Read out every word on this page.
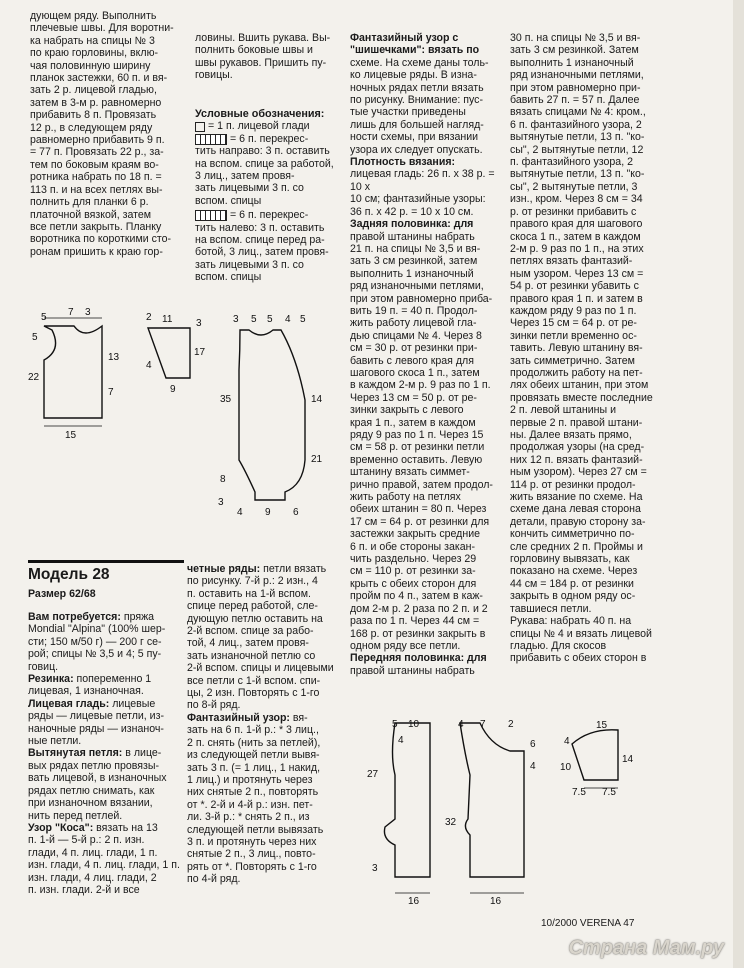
дующем ряду. Выполнить

плечевые швы. Для воротни-

ка набрать на спицы № 3

по краю горловины, вклю-

чая половинную ширину

планок застежки, 60 п. и вя-

зать 2 р. лицевой гладью,

затем в 3-м р. равномерно

прибавить 8 п. Провязать

12 р., в следующем ряду

равномерно прибавить 9 п.

= 77 п. Провязать 22 р., за-

тем по боковым краям во-

ротника набрать по 18 п. =

113 п. и на всех петлях вы-

полнить для планки 6 р.

платочной вязкой, затем

все петли закрыть. Планку

воротника по короткими сто-

ронам пришить к краю гор-

ловины. Вшить рукава. Вы-

полнить боковые швы и

швы рукавов. Пришить пу-

говицы.

Условные обозначения:

= 1 п. лицевой глади
= 6 п. перекрес-
тить направо: 3 п. оставить
на вспом. спице за работой,
3 лиц., затем провя-
зать лицевыми 3 п. со
вспом. спицы
= 6 п. перекрес-
тить налево: 3 п. оставить
на вспом. спице перед ра-
ботой, 3 лиц., затем провя-
зать лицевыми 3 п. со
вспом. спицы

Фантазийный узор с

"шишечками": вязать по

схеме. На схеме даны толь-

ко лицевые ряды. В изна-

ночных рядах петли вязать

по рисунку. Внимание: пус-

тые участки приведены

лишь для большей нагляд-

ности схемы, при вязании

узора их следует опускать.

Плотность вязания:

лицевая гладь: 26 п. х 38 р. = 10 х

10 см; фантазийные узоры:

36 п. х 42 р. = 10 х 10 см.

Задняя половинка: для

правой штанины набрать

21 п. на спицы № 3,5 и вя-

зать 3 см резинкой, затем

выполнить 1 изнаночный

ряд изнаночными петлями,

при этом равномерно приба-

вить 19 п. = 40 п. Продол-

жить работу лицевой гла-

дью спицами № 4. Через 8

см = 30 р. от резинки при-

бавить с левого края для

шагового скоса 1 п., затем

в каждом 2-м р. 9 раз по 1 п.

Через 13 см = 50 р. от ре-

зинки закрыть с левого

края 1 п., затем в каждом

ряду 9 раз по 1 п. Через 15

см = 58 р. от резинки петли

временно оставить. Левую

штанину вязать симмет-

рично правой, затем продол-

жить работу на петлях

обеих штанин = 80 п. Через

17 см = 64 р. от резинки для

застежки закрыть средние

6 п. и обе стороны закан-

чить раздельно. Через 29

см = 110 р. от резинки за-

крыть с обеих сторон для

пройм по 4 п., затем в каж-

дом 2-м р. 2 раза по 2 п. и 2

раза по 1 п. Через 44 см =

168 р. от резинки закрыть в

одном ряду все петли.

Передняя половинка: для

правой штанины набрать

30 п. на спицы № 3,5 и вя-

зать 3 см резинкой. Затем

выполнить 1 изнаночный

ряд изнаночными петлями,

при этом равномерно при-

бавить 27 п. = 57 п. Далее

вязать спицами № 4: кром.,

6 п. фантазийного узора, 2

вытянутые петли, 13 п. "ко-

сы", 2 вытянутые петли, 12

п. фантазийного узора, 2

вытянутые петли, 13 п. "ко-

сы", 2 вытянутые петли, 3

изн., кром. Через 8 см = 34

р. от резинки прибавить с

правого края для шагового

скоса 1 п., затем в каждом

2-м р. 9 раз по 1 п., на этих

петлях вязать фантазий-

ным узором. Через 13 см =

54 р. от резинки убавить с

правого края 1 п. и затем в

каждом ряду 9 раз по 1 п.

Через 15 см = 64 р. от ре-

зинки петли временно ос-

тавить. Левую штанину вя-

зать симметрично. Затем

продолжить работу на пет-

лях обеих штанин, при этом

провязать вместе последние

2 п. левой штанины и

первые 2 п. правой штани-

ны. Далее вязать прямо,

продолжая узоры (на сред-

них 12 п. вязать фантазий-

ным узором). Через 27 см =

114 р. от резинки продол-

жить вязание по схеме. На

схеме дана левая сторона

детали, правую сторону за-

кончить симметрично по-

сле средних 2 п. Проймы и

горловину вывязать, как

показано на схеме. Через

44 см = 184 р. от резинки

закрыть в одном ряду ос-

тавшиеся петли.

Рукава: набрать 40 п. на

спицы № 4 и вязать лицевой

гладью. Для скосов

прибавить с обеих сторон в

Модель 28

Размер 62/68

Вам потребуется: пряжа

Mondial "Alpina" (100% шер-

сти; 150 м/50 г) — 200 г се-

рой; спицы № 3,5 и 4; 5 пу-

говиц.

Резинка: попеременно 1

лицевая, 1 изнаночная.

Лицевая гладь: лицевые

ряды — лицевые петли, из-

наночные ряды — изнаноч-

ные петли.

Вытянутая петля: в лице-

вых рядах петлю провязы-

вать лицевой, в изнаночных

рядах петлю снимать, как

при изнаночном вязании,

нить перед петлей.

Узор "Коса": вязать на 13

п. 1-й — 5-й р.: 2 п. изн.

глади, 4 п. лиц. глади, 1 п.

изн. глади, 4 п. лиц. глади, 1 п.

изн. глади, 4 лиц. глади, 2

п. изн. глади. 2-й и все

четные ряды: петли вязать

по рисунку. 7-й р.: 2 изн., 4

п. оставить на 1-й вспом.

спице перед работой, сле-

дующую петлю оставить на

2-й вспом. спице за рабо-

той, 4 лиц., затем провя-

зать изнаночной петлю со

2-й вспом. спицы и лицевыми

все петли с 1-й вспом. спи-

цы, 2 изн. Повторять с 1-го

по 8-й ряд.

Фантазийный узор: вя-

зать на 6 п. 1-й р.: * 3 лиц.,

2 п. снять (нить за петлей),

из следующей петли вывя-

зать 3 п. (= 1 лиц., 1 накид,

1 лиц.) и протянуть через

них снятые 2 п., повторять

от *. 2-й и 4-й р.: изн. пет-

ли. 3-й р.: * снять 2 п., из

следующей петли вывязать

3 п. и протянуть через них

снятые 2 п., 3 лиц., повто-

рять от *. Повторять с 1-го

по 4-й ряд.

5 7 3
5
13
22
7
15
2 11 3
17
4
9
3 5 5 4 5
35	14
21
8
3
4 9 6
5 10
4
27
32
3
16
4 7 2
6
4
16
15
4
10
14
7.5 7.5
10/2000 VERENA 47
Страна Мам.ру
